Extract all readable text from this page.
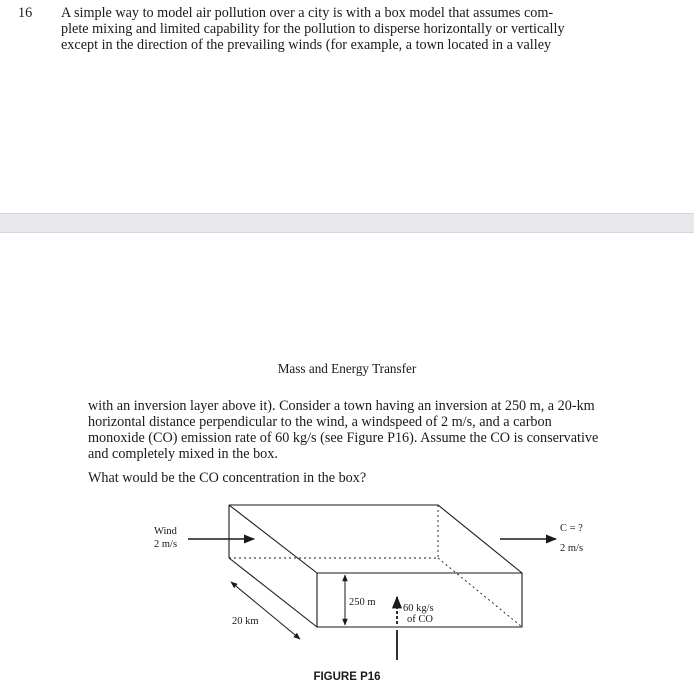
16 A simple way to model air pollution over a city is with a box model that assumes com-
plete mixing and limited capability for the pollution to disperse horizontally or vertically
except in the direction of the prevailing winds (for example, a town located in a valley
Mass and Energy Transfer
with an inversion layer above it). Consider a town having an inversion at 250 m, a 20-km
horizontal distance perpendicular to the wind, a windspeed of 2 m/s, and a carbon
monoxide (CO) emission rate of 60 kg/s (see Figure P16). Assume the CO is conservative
and completely mixed in the box.
What would be the CO concentration in the box?
Wind
2 m/s
C = ?
2 m/s
250 m
60 kg/s
of CO
20 km
FIGURE P16
